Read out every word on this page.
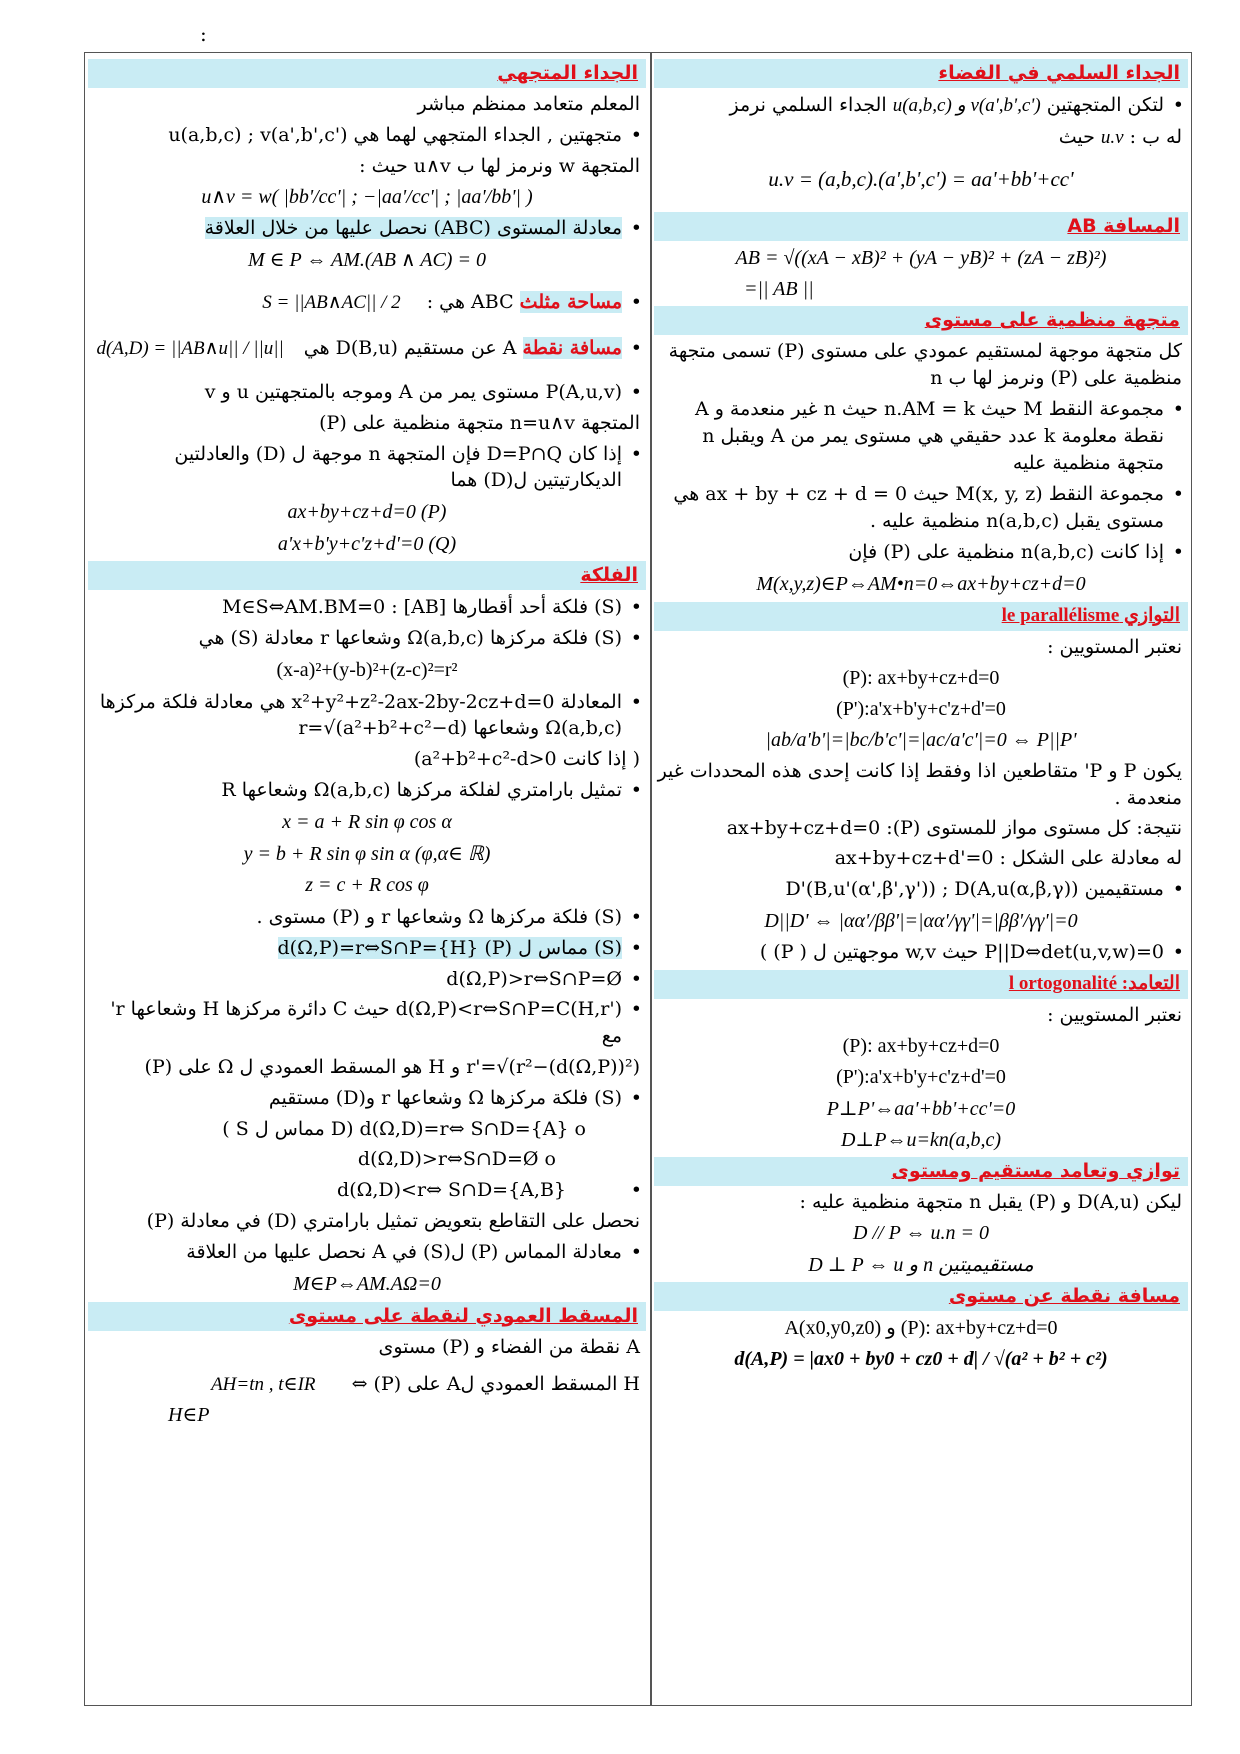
:
الجداء السلمي في الفضاء
• لتكن المتجهتين u(a,b,c) و v(a',b',c') الجداء السلمي نرمز
له ب : u.v حيث
u.v = (a,b,c).(a',b',c') = aa'+bb'+cc'
المسافة AB
AB = √((xA − xB)² + (yA − yB)² + (zA − zB)²)
=|| AB ||
متجهة منظمية على مستوى
كل متجهة موجهة لمستقيم عمودي على مستوى (P) تسمى متجهة منظمية على (P) ونرمز لها ب n
• مجموعة النقط M حيث n.AM = k حيث n غير منعدمة و A نقطة معلومة k عدد حقيقي هي مستوى يمر من A ويقبل n متجهة منظمية عليه
• مجموعة النقط M(x, y, z) حيث ax + by + cz + d = 0 هي مستوى يقبل n(a,b,c) منظمية عليه .
• إذا كانت n(a,b,c) منظمية على (P) فإن
M(x,y,z)∈P⇔AM•n=0⇔ax+by+cz+d=0
التوازي le parallélisme
نعتبر المستويين :
(P): ax+by+cz+d=0
(P'):a'x+b'y+c'z+d'=0
|ab/a'b'|=|bc/b'c'|=|ac/a'c'|=0 ⇔ P||P'
يكون P و P' متقاطعين اذا وفقط إذا كانت إحدى هذه المحددات غير منعدمة .
نتيجة: كل مستوى مواز للمستوى (P): ax+by+cz+d=0
له معادلة على الشكل : ax+by+cz+d'=0
• مستقيمين D'(B,u'(α',β',γ')) ; D(A,u(α,β,γ))
D||D' ⇔ |αα'/ββ'|=|αα'/γγ'|=|ββ'/γγ'|=0
• P||D⇔det(u,v,w)=0 حيث w,v موجهتين ل ( P) )
التعامد: l ortogonalité
نعتبر المستويين :
(P): ax+by+cz+d=0
(P'):a'x+b'y+c'z+d'=0
P⊥P'⇔aa'+bb'+cc'=0
D⊥P⇔u=kn(a,b,c)
توازي وتعامد مستقيم ومستوى
ليكن D(A,u) و (P) يقبل n متجهة منظمية عليه :
D // P ⇔ u.n = 0
D ⊥ P ⇔ u و n مستقيميتين
مسافة نقطة عن مستوى
A(x0,y0,z0) و (P): ax+by+cz+d=0
d(A,P) = |ax0 + by0 + cz0 + d| / √(a² + b² + c²)
الجداء المتجهي
المعلم متعامد ممنظم مباشر
• متجهتين , الجداء المتجهي لهما هي u(a,b,c) ; v(a',b',c')
المتجهة w ونرمز لها ب u∧v حيث :
u∧v = w( |bb'/cc'| ; −|aa'/cc'| ; |aa'/bb'| )
• معادلة المستوى (ABC) نحصل عليها من خلال العلاقة
M ∈ P ⇔ AM.(AB ∧ AC) = 0
• مساحة مثلث ABC هي : S = ||AB∧AC|| / 2
• مسافة نقطة A عن مستقيم D(B,u) هي d(A,D) = ||AB∧u|| / ||u||
• P(A,u,v) مستوى يمر من A وموجه بالمتجهتين u و v
المتجهة n=u∧v متجهة منظمية على (P)
• إذا كان D=P∩Q فإن المتجهة n موجهة ل (D) والعادلتين الديكارتيتين ل(D) هما
ax+by+cz+d=0 (P)
a'x+b'y+c'z+d'=0 (Q)
الفلكة
• (S) فلكة أحد أقطارها [AB] : M∈S⇔AM.BM=0
• (S) فلكة مركزها Ω(a,b,c) وشعاعها r معادلة (S) هي
(x-a)²+(y-b)²+(z-c)²=r²
• المعادلة x²+y²+z²-2ax-2by-2cz+d=0 هي معادلة فلكة مركزها Ω(a,b,c) وشعاعها r=√(a²+b²+c²−d)
( إذا كانت a²+b²+c²-d>0)
• تمثيل بارامتري لفلكة مركزها Ω(a,b,c) وشعاعها R
x = a + R sin φ cos α
y = b + R sin φ sin α (φ,α∈ ℝ)
z = c + R cos φ
• (S) فلكة مركزها Ω وشعاعها r و (P) مستوى .
• (S) مماس ل (P) d(Ω,P)=r⇔S∩P={H}
• d(Ω,P)>r⇔S∩P=Ø
• d(Ω,P)<r⇔S∩P=C(H,r') حيث C دائرة مركزها H وشعاعها r' مع
r'=√(r²−(d(Ω,P))²) و H هو المسقط العمودي ل Ω على (P)
• (S) فلكة مركزها Ω وشعاعها r و(D) مستقيم
d(Ω,D)=r⇔ S∩D={A} o (D مماس ل S )
d(Ω,D)>r⇔S∩D=Ø o
• d(Ω,D)<r⇔ S∩D={A,B}
نحصل على التقاطع بتعويض تمثيل بارامتري (D) في معادلة (P)
• معادلة المماس (P) ل(S) في A نحصل عليها من العلاقة
M∈P⇔AM.AΩ=0
المسقط العمودي لنقطة على مستوى
A نقطة من الفضاء و (P) مستوى
H المسقط العمودي لA على (P) ⇔ AH=tn , t∈IR
H∈P
